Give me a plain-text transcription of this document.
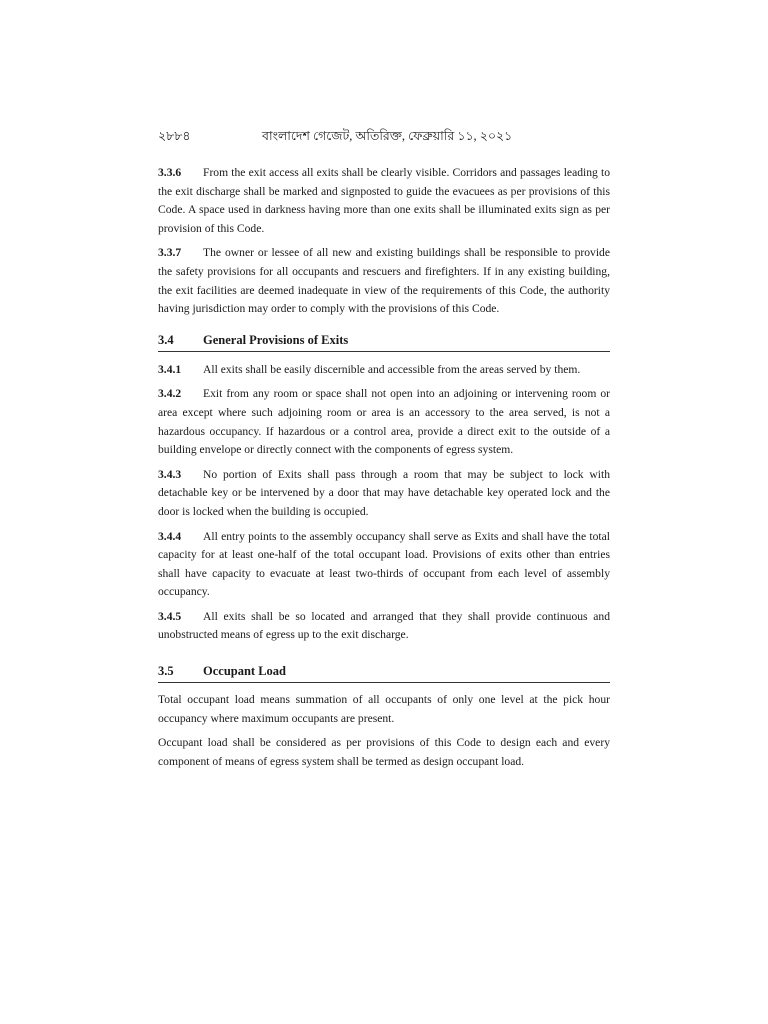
২৮৮৪	বাংলাদেশ গেজেট, অতিরিক্ত, ফেব্রুয়ারি ১১, ২০২১

3.3.6 From the exit access all exits shall be clearly visible. Corridors and passages leading to the exit discharge shall be marked and signposted to guide the evacuees as per provisions of this Code. A space used in darkness having more than one exits shall be illuminated exits sign as per provision of this Code.

3.3.7 The owner or lessee of all new and existing buildings shall be responsible to provide the safety provisions for all occupants and rescuers and firefighters. If in any existing building, the exit facilities are deemed inadequate in view of the requirements of this Code, the authority having jurisdiction may order to comply with the provisions of this Code.

3.4 General Provisions of Exits

3.4.1 All exits shall be easily discernible and accessible from the areas served by them.

3.4.2 Exit from any room or space shall not open into an adjoining or intervening room or area except where such adjoining room or area is an accessory to the area served, is not a hazardous occupancy. If hazardous or a control area, provide a direct exit to the outside of a building envelope or directly connect with the components of egress system.

3.4.3 No portion of Exits shall pass through a room that may be subject to lock with detachable key or be intervened by a door that may have detachable key operated lock and the door is locked when the building is occupied.

3.4.4 All entry points to the assembly occupancy shall serve as Exits and shall have the total capacity for at least one-half of the total occupant load. Provisions of exits other than entries shall have capacity to evacuate at least two-thirds of occupant from each level of assembly occupancy.

3.4.5 All exits shall be so located and arranged that they shall provide continuous and unobstructed means of egress up to the exit discharge.

3.5 Occupant Load

Total occupant load means summation of all occupants of only one level at the pick hour occupancy where maximum occupants are present.

Occupant load shall be considered as per provisions of this Code to design each and every component of means of egress system shall be termed as design occupant load.
